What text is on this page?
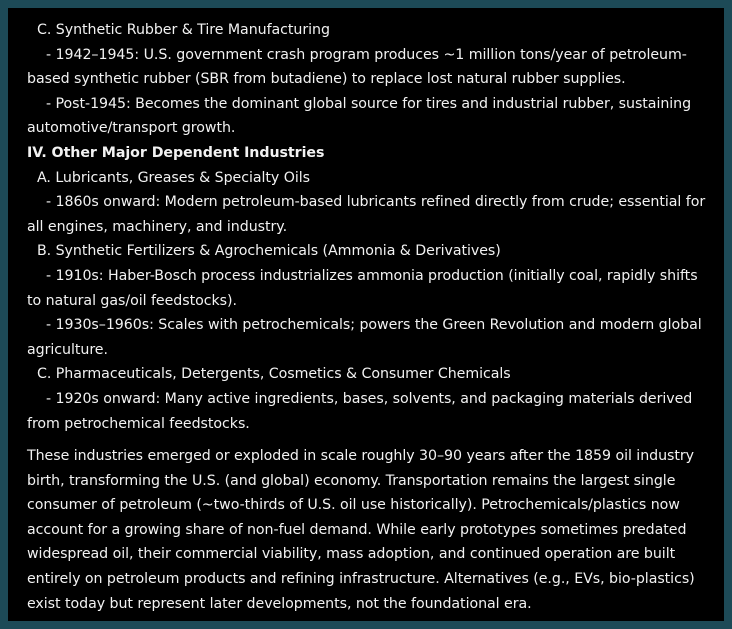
C. Synthetic Rubber & Tire Manufacturing

- 1942–1945: U.S. government crash program produces ~1 million tons/year of petroleum-based synthetic rubber (SBR from butadiene) to replace lost natural rubber supplies.

- Post-1945: Becomes the dominant global source for tires and industrial rubber, sustaining automotive/transport growth.

IV. Other Major Dependent Industries

A. Lubricants, Greases & Specialty Oils

- 1860s onward: Modern petroleum-based lubricants refined directly from crude; essential for all engines, machinery, and industry.

B. Synthetic Fertilizers & Agrochemicals (Ammonia & Derivatives)

- 1910s: Haber-Bosch process industrializes ammonia production (initially coal, rapidly shifts to natural gas/oil feedstocks).

- 1930s–1960s: Scales with petrochemicals; powers the Green Revolution and modern global agriculture.

C. Pharmaceuticals, Detergents, Cosmetics & Consumer Chemicals

- 1920s onward: Many active ingredients, bases, solvents, and packaging materials derived from petrochemical feedstocks.

These industries emerged or exploded in scale roughly 30–90 years after the 1859 oil industry birth, transforming the U.S. (and global) economy. Transportation remains the largest single consumer of petroleum (~two-thirds of U.S. oil use historically). Petrochemicals/plastics now account for a growing share of non-fuel demand. While early prototypes sometimes predated widespread oil, their commercial viability, mass adoption, and continued operation are built entirely on petroleum products and refining infrastructure. Alternatives (e.g., EVs, bio-plastics) exist today but represent later developments, not the foundational era.
